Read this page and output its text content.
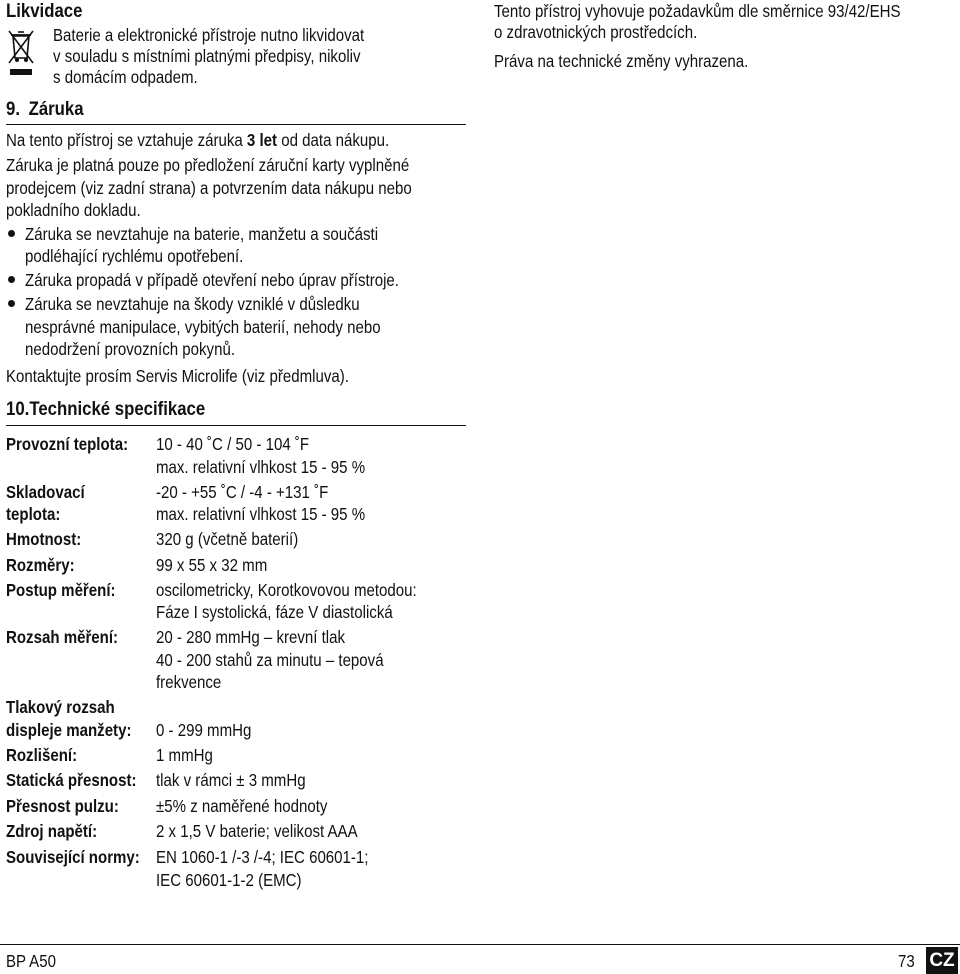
Likvidace
Baterie a elektronické přístroje nutno likvidovat
v souladu s místními platnými předpisy, nikoliv
s domácím odpadem.
Tento přístroj vyhovuje požadavkům dle směrnice 93/42/EHS
o zdravotnických prostředcích.
Práva na technické změny vyhrazena.
9. Záruka
Na tento přístroj se vztahuje záruka 3 let od data nákupu.
Záruka je platná pouze po předložení záruční karty vyplněné
prodejcem (viz zadní strana) a potvrzením data nákupu nebo
pokladního dokladu.
Záruka se nevztahuje na baterie, manžetu a součásti
podléhající rychlému opotřebení.
Záruka propadá v případě otevření nebo úprav přístroje.
Záruka se nevztahuje na škody vzniklé v důsledku
nesprávné manipulace, vybitých baterií, nehody nebo
nedodržení provozních pokynů.
Kontaktujte prosím Servis Microlife (viz předmluva).
10.Technické specifikace
Provozní teplota:	10 - 40 ˚C / 50 - 104 ˚F
max. relativní vlhkost 15 - 95 %
Skladovací
teplota:
-20 - +55 ˚C / -4 - +131 ˚F
max. relativní vlhkost 15 - 95 %
Hmotnost:	320 g (včetně baterií)
Rozměry:	99 x 55 x 32 mm
Postup měření:	oscilometricky, Korotkovovou metodou:
Fáze I systolická, fáze V diastolická
Rozsah měření:	20 - 280 mmHg – krevní tlak
40 - 200 stahů za minutu – tepová
frekvence
Tlakový rozsah
displeje manžety:	0 - 299 mmHg
Rozlišení:	1 mmHg
Statická přesnost:	tlak v rámci ± 3 mmHg
Přesnost pulzu:	±5% z naměřené hodnoty
Zdroj napětí:	2 x 1,5 V baterie; velikost AAA
Související normy: EN 1060-1 /-3 /-4; IEC 60601-1;
IEC 60601-1-2 (EMC)
BP A50	73 CZ
